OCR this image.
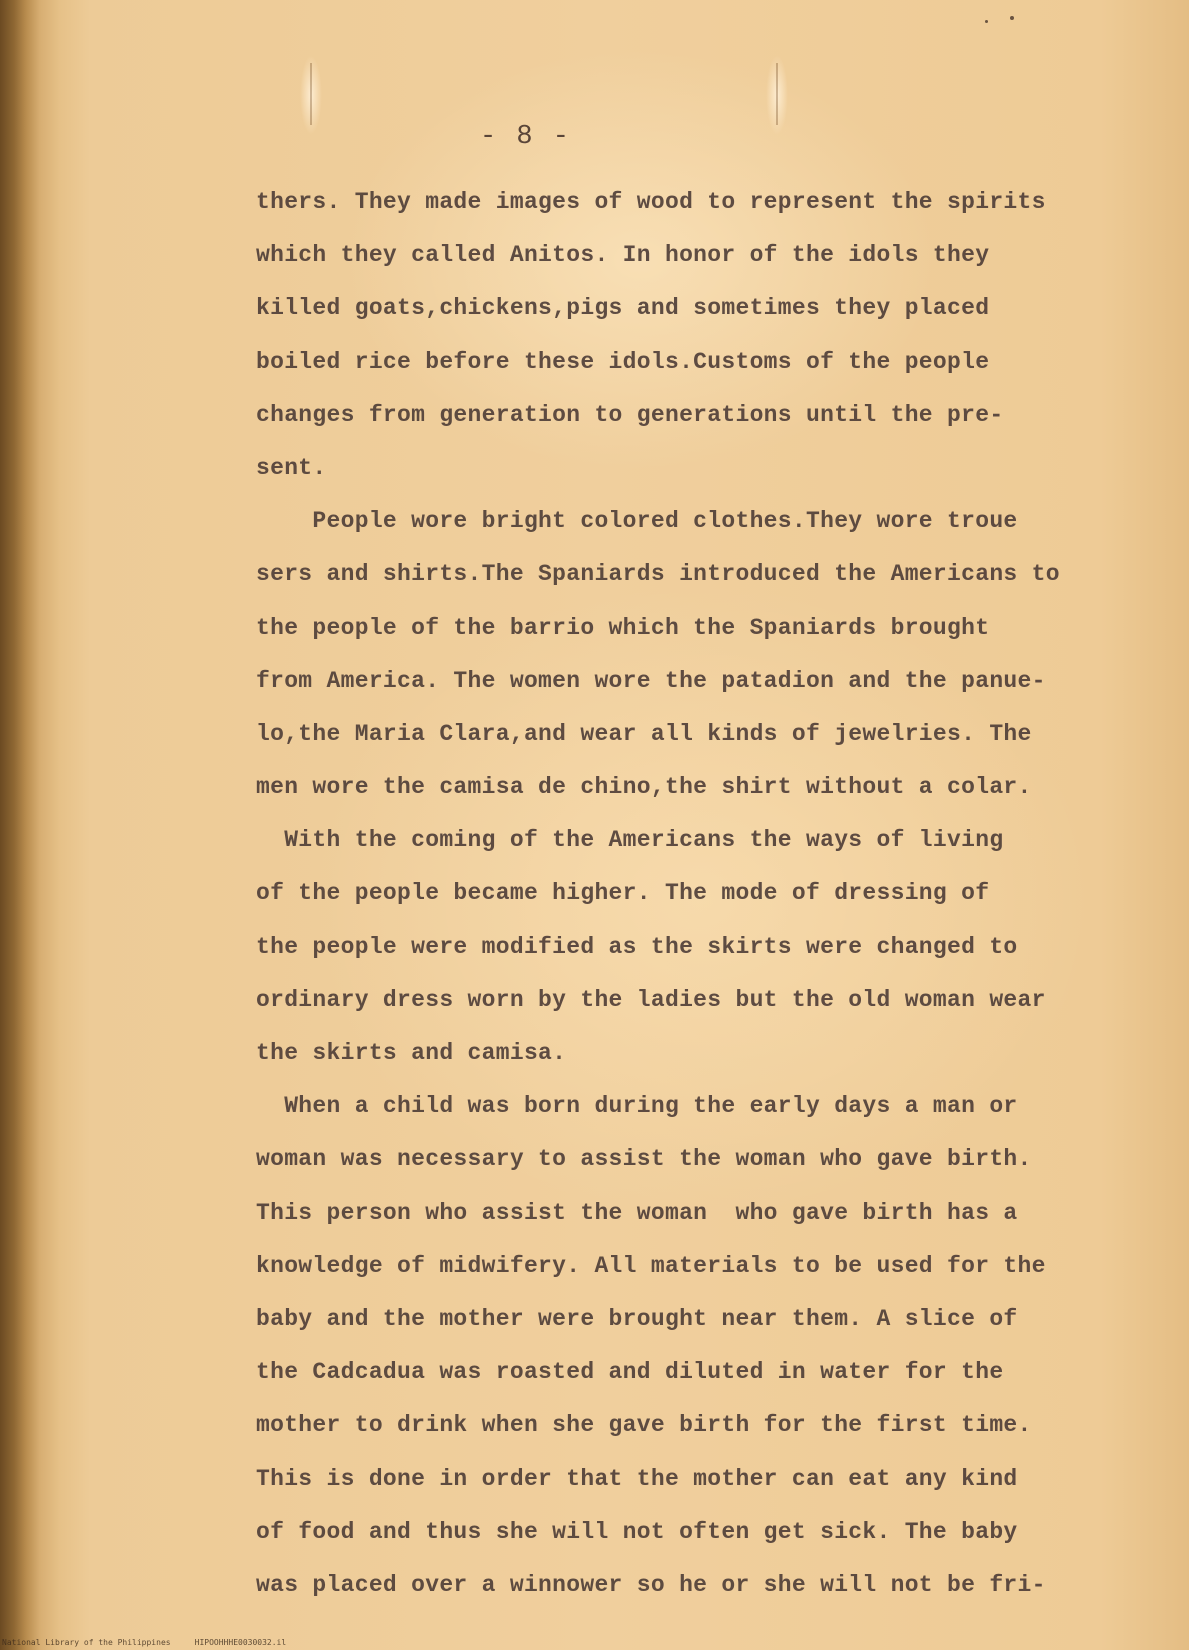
- 8 -
thers. They made images of wood to represent the spirits
which they called Anitos. In honor of the idols they
killed goats,chickens,pigs and sometimes they placed
boiled rice before these idols.Customs of the people
changes from generation to generations until the pre-
sent.
People wore bright colored clothes.They wore troue
sers and shirts.The Spaniards introduced the Americans to
the people of the barrio which the Spaniards brought
from America. The women wore the patadion and the panue-
lo,the Maria Clara,and wear all kinds of jewelries. The
men wore the camisa de chino,the shirt without a colar.
With the coming of the Americans the ways of living
of the people became higher. The mode of dressing of
the people were modified as the skirts were changed to
ordinary dress worn by the ladies but the old woman wear
the skirts and camisa.
When a child was born during the early days a man or
woman was necessary to assist the woman who gave birth.
This person who assist the woman  who gave birth has a
knowledge of midwifery. All materials to be used for the
baby and the mother were brought near them. A slice of
the Cadcadua was roasted and diluted in water for the
mother to drink when she gave birth for the first time.
This is done in order that the mother can eat any kind
of food and thus she will not often get sick. The baby
was placed over a winnower so he or she will not be fri-
National Library of the Philippines     HIPOOHHHE0030032.il
